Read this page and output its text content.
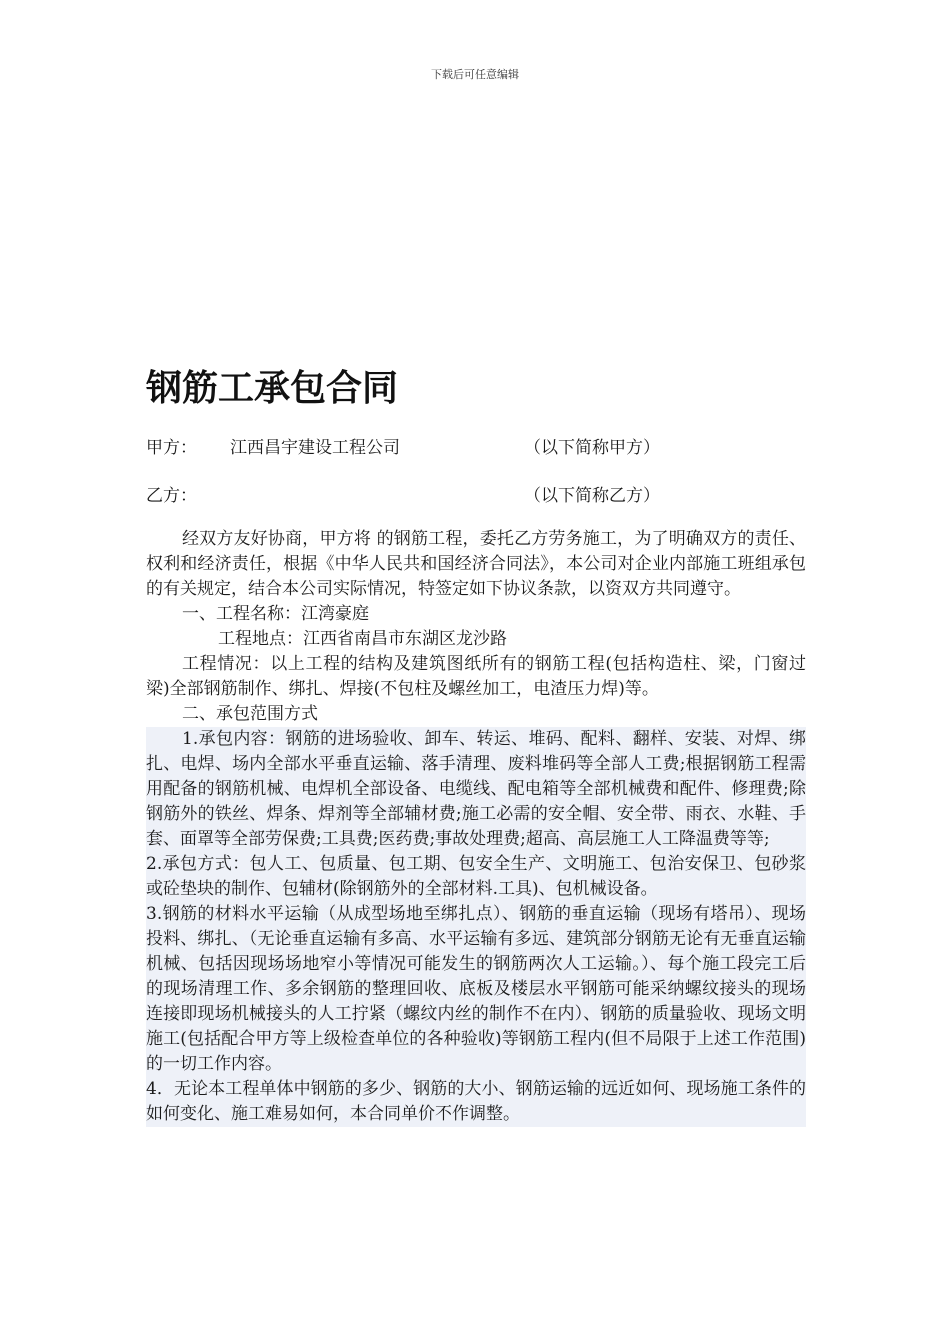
下载后可任意编辑
钢筋工承包合同
甲方： 江西昌宇建设工程公司	（以下简称甲方）
乙方：	（以下简称乙方）

经双方友好协商，甲方将 的钢筋工程，委托乙方劳务施工，为了明确双方的责任、权利和经济责任，根据《中华人民共和国经济合同法》，本公司对企业内部施工班组承包的有关规定，结合本公司实际情况，特签定如下协议条款，以资双方共同遵守。

一、工程名称：江湾豪庭

工程地点：江西省南昌市东湖区龙沙路

工程情况：以上工程的结构及建筑图纸所有的钢筋工程(包括构造柱、梁，门窗过梁)全部钢筋制作、绑扎、焊接(不包柱及螺丝加工，电渣压力焊)等。

二、承包范围方式

1.承包内容：钢筋的进场验收、卸车、转运、堆码、配料、翻样、安装、对焊、绑扎、电焊、场内全部水平垂直运输、落手清理、废料堆码等全部人工费;根据钢筋工程需用配备的钢筋机械、电焊机全部设备、电缆线、配电箱等全部机械费和配件、修理费;除钢筋外的铁丝、焊条、焊剂等全部辅材费;施工必需的安全帽、安全带、雨衣、水鞋、手套、面罩等全部劳保费;工具费;医药费;事故处理费;超高、高层施工人工降温费等等;

2.承包方式：包人工、包质量、包工期、包安全生产、文明施工、包治安保卫、包砂浆或砼垫块的制作、包辅材(除钢筋外的全部材料.工具)、包机械设备。

3.钢筋的材料水平运输（从成型场地至绑扎点）、钢筋的垂直运输（现场有塔吊）、现场投料、绑扎、（无论垂直运输有多高、水平运输有多远、建筑部分钢筋无论有无垂直运输机械、包括因现场场地窄小等情况可能发生的钢筋两次人工运输。）、每个施工段完工后的现场清理工作、多余钢筋的整理回收、底板及楼层水平钢筋可能采纳螺纹接头的现场连接即现场机械接头的人工拧紧（螺纹内丝的制作不在内）、钢筋的质量验收、现场文明施工(包括配合甲方等上级检查单位的各种验收)等钢筋工程内(但不局限于上述工作范围)的一切工作内容。

4．无论本工程单体中钢筋的多少、钢筋的大小、钢筋运输的远近如何、现场施工条件的如何变化、施工难易如何，本合同单价不作调整。
